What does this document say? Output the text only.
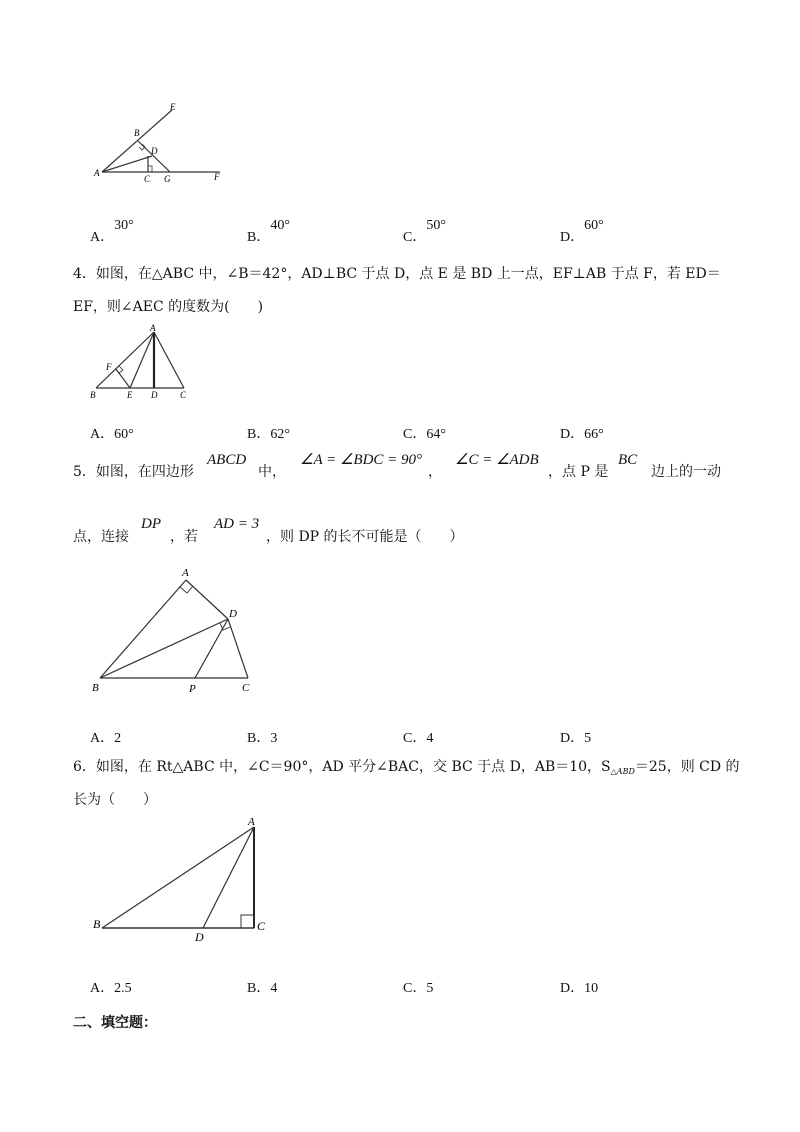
E
B
D
A
C G	F
A．30°
B．40°
C．50°
D．60°
4．如图，在△ABC 中，∠B＝42°，AD⊥BC 于点 D，点 E 是 BD 上一点，EF⊥AB 于点 F，若 ED＝
EF，则∠AEC 的度数为(　　)
A
F
B	E D	C
A．60°	B．62°	C．64°	D．66°
5．如图，在四边形
ABCD
中，
∠A = ∠BDC = 90°
，
∠C = ∠ADB
，点 P 是
BC
边上的一动
点，连接
DP
，若
AD = 3
，则 DP 的长不可能是（　　）
A
D
B	P	C
A．2	B．3	C．4	D．5
6．如图，在 Rt△ABC 中，∠C＝90°，AD 平分∠BAC，交 BC 于点 D，AB＝10，$S_{\triangle ABD}=25$，则 CD 的
长为（　　）
A
B
D
C
A．2.5	B．4	C．5	D．10
二、填空题：
